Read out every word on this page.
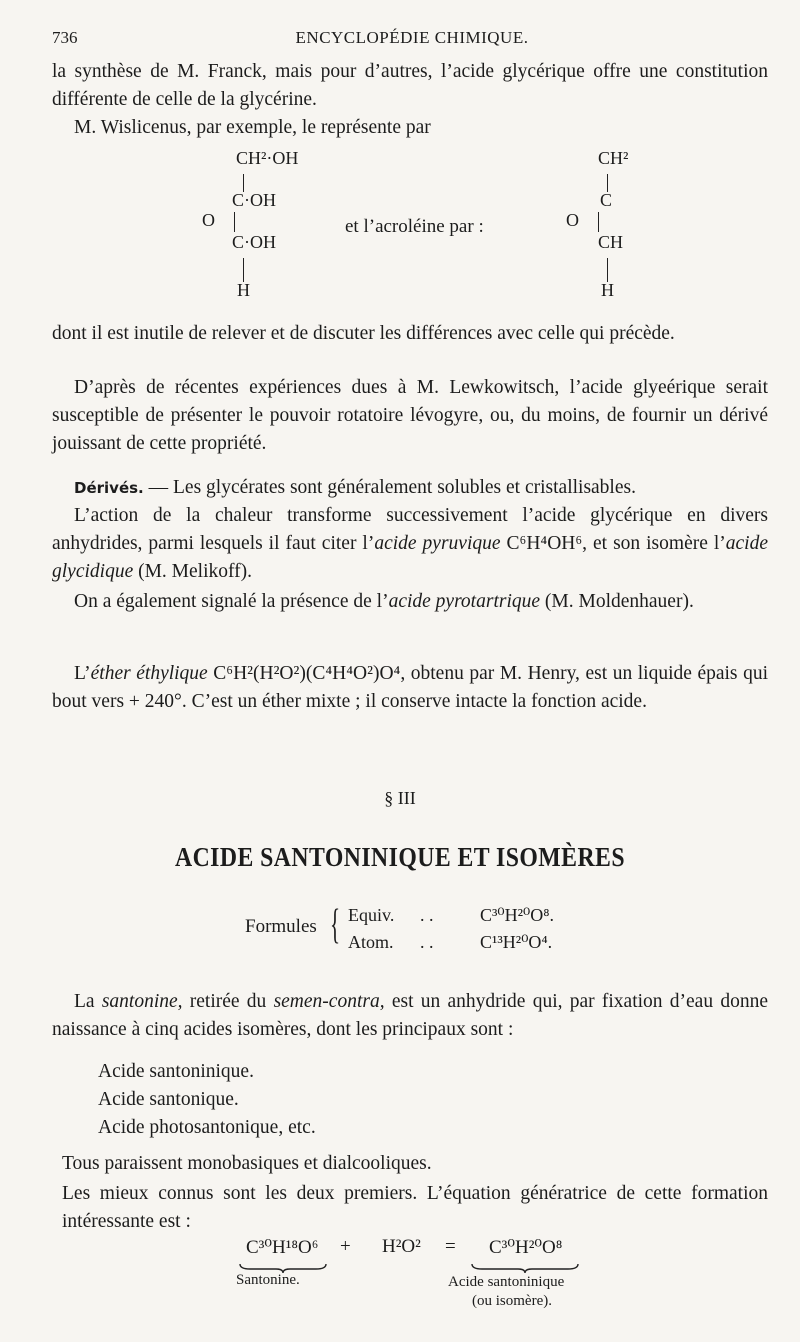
736	ENCYCLOPÉDIE CHIMIQUE.
la synthèse de M. Franck, mais pour d’autres, l’acide glycérique offre une constitution différente de celle de la glycérine.
M. Wislicenus, par exemple, le représente par
CH²·OH
C·OH
O
C·OH
H
et l’acroléine par :
CH²
C
O
CH
H
dont il est inutile de relever et de discuter les différences avec celle qui précède.
D’après de récentes expériences dues à M. Lewkowitsch, l’acide glyeérique serait susceptible de présenter le pouvoir rotatoire lévogyre, ou, du moins, de fournir un dérivé jouissant de cette propriété.
Dérivés. — Les glycérates sont généralement solubles et cristallisables.
L’action de la chaleur transforme successivement l’acide glycérique en divers anhydrides, parmi lesquels il faut citer l’acide pyruvique C⁶H⁴OH⁶, et son isomère l’acide glycidique (M. Melikoff).
On a également signalé la présence de l’acide pyrotartrique (M. Moldenhauer).
L’éther éthylique C⁶H²(H²O²)(C⁴H⁴O²)O⁴, obtenu par M. Henry, est un liquide épais qui bout vers + 240°. C’est un éther mixte ; il conserve intacte la fonction acide.
§ III
ACIDE SANTONINIQUE ET ISOMÈRES
Formules { Equiv. . .	C³⁰H²⁰O⁸.
Atom. . .	C¹³H²⁰O⁴.
La santonine, retirée du semen-contra, est un anhydride qui, par fixation d’eau donne naissance à cinq acides isomères, dont les principaux sont :
Acide santoninique.
Acide santonique.
Acide photosantonique, etc.
Tous paraissent monobasiques et dialcooliques.
Les mieux connus sont les deux premiers. L’équation génératrice de cette formation intéressante est :
C³⁰H¹⁸O⁶ + H²O² = C³⁰H²⁰O⁸
Santonine.	Acide santoninique
(ou isomère).
